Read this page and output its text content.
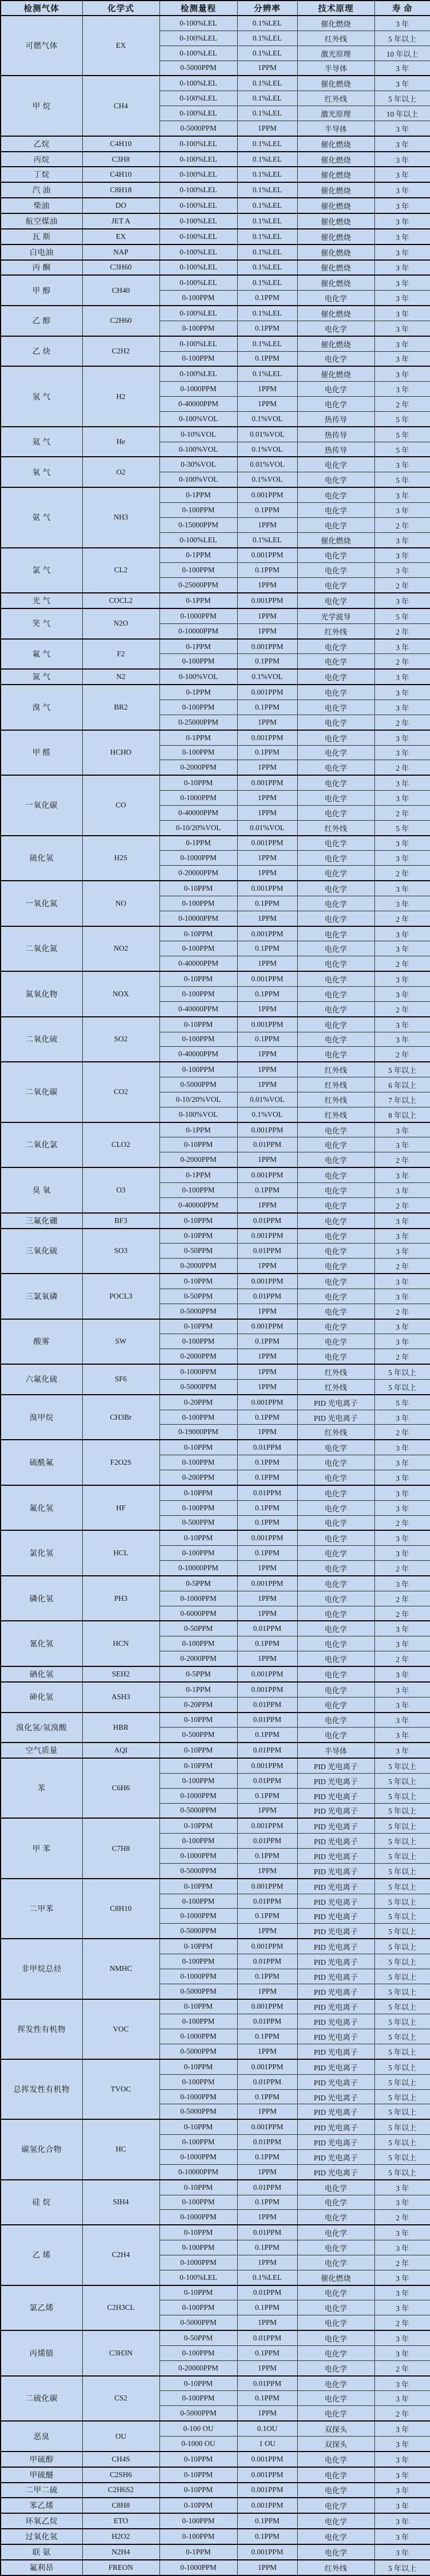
检测气体	化学式	检测量程	分辨率	技术原理	寿 命
可燃气体	EX	0-100%LEL	0.1%LEL	催化燃烧	3 年
		0-100%LEL	0.1%LEL	红外线	5 年以上
		0-100%LEL	0.1%LEL	激光原理	10 年以上
		0-5000PPM	1PPM	半导体	3 年
甲 烷	CH4	0-100%LEL	0.1%LEL	催化燃烧	3 年
		0-100%LEL	0.1%LEL	红外线	5 年以上
		0-100%LEL	0.1%LEL	激光原理	10 年以上
		0-5000PPM	1PPM	半导体	3 年
乙烷	C4H10	0-100%LEL	0.1%LEL	催化燃烧	3 年
丙烷	C3H8	0-100%LEL	0.1%LEL	催化燃烧	3 年
丁烷	C4H10	0-100%LEL	0.1%LEL	催化燃烧	3 年
汽 油	C8H18	0-100%LEL	0.1%LEL	催化燃烧	3 年
柴油	DO	0-100%LEL	0.1%LEL	催化燃烧	3 年
航空煤油	JET A	0-100%LEL	0.1%LEL	催化燃烧	3 年
瓦 斯	EX	0-100%LEL	0.1%LEL	催化燃烧	3 年
白电油	NAP	0-100%LEL	0.1%LEL	催化燃烧	3 年
丙 酮	C3H60	0-100%LEL	0.1%LEL	催化燃烧	3 年
甲 醇	CH40	0-100%LEL	0.1%LEL	催化燃烧	3 年
		0-100PPM	0.1PPM	电化学	3 年
乙 醇	C2H60	0-100%LEL	0.1%LEL	催化燃烧	3 年
		0-100PPM	0.1PPM	电化学	3 年
乙 炔	C2H2	0-100%LEL	0.1%LEL	催化燃烧	3 年
		0-100PPM	0.1PPM	电化学	3 年
氢 气	H2	0-100%LEL	0.1%LEL	催化燃烧	3 年
		0-1000PPM	1PPM	电化学	3 年
		0-40000PPM	1PPM	电化学	2 年
		0-100%VOL	0.1%VOL	热传导	5 年
氦 气	He	0-10%VOL	0.01%VOL	热传导	5 年
		0-100%VOL	0.1%VOL	热传导	5 年
氧 气	O2	0-30%VOL	0.01%VOL	电化学	3 年
		0-100%VOL	0.1%VOL	电化学	5 年
氨 气	NH3	0-1PPM	0.001PPM	电化学	3 年
		0-100PPM	0.1PPM	电化学	3 年
		0-15000PPM	1PPM	电化学	2 年
		0-100%LEL	0.1%LEL	催化燃烧	3 年
氯 气	CL2	0-1PPM	0.001PPM	电化学	3 年
		0-100PPM	0.1PPM	电化学	3 年
		0-25000PPM	1PPM	电化学	2 年
光 气	COCL2	0-1PPM	0.001PPM	电化学	3 年
笑 气	N2O	0-1000PPM	1PPM	光学波导	5 年
		0-10000PPM	1PPM	红外线	2 年
氟 气	F2	0-1PPM	0.001PPM	电化学	3 年
		0-100PPM	0.1PPM	电化学	2 年
氮 气	N2	0-100%VOL	0.1%VOL	电化学	3 年
溴 气	BR2	0-1PPM	0.001PPM	电化学	3 年
		0-100PPM	0.1PPM	电化学	3 年
		0-25000PPM	1PPM	电化学	2 年
甲 醛	HCHO	0-1PPM	0.001PPM	电化学	3 年
		0-100PPM	0.1PPM	电化学	3 年
		0-2000PPM	1PPM	电化学	2 年
一氧化碳	CO	0-10PPM	0.001PPM	电化学	3 年
		0-1000PPM	1PPM	电化学	3 年
		0-40000PPM	1PPM	电化学	2 年
		0-10/20%VOL	0.01%VOL	红外线	5 年
硫化氢	H2S	0-1PPM	0.001PPM	电化学	3 年
		0-1000PPM	1PPM	电化学	3 年
		0-20000PPM	1PPM	电化学	2 年
一氧化氮	NO	0-10PPM	0.001PPM	电化学	3 年
		0-100PPM	0.1PPM	电化学	3 年
		0-10000PPM	1PPM	电化学	2 年
二氧化氮	NO2	0-10PPM	0.001PPM	电化学	3 年
		0-100PPM	0.1PPM	电化学	3 年
		0-40000PPM	1PPM	电化学	2 年
氮氧化物	NOX	0-10PPM	0.001PPM	电化学	3 年
		0-100PPM	0.1PPM	电化学	3 年
		0-40000PPM	1PPM	电化学	2 年
二氧化硫	SO2	0-10PPM	0.001PPM	电化学	3 年
		0-100PPM	0.1PPM	电化学	3 年
		0-40000PPM	1PPM	电化学	2 年
二氧化碳	CO2	0-100PPM	1PPM	红外线	5 年以上
		0-5000PPM	1PPM	红外线	6 年以上
		0-10/20%VOL	0.01%VOL	红外线	7 年以上
		0-100%VOL	0.1%VOL	红外线	8 年以上
二氧化氯	CLO2	0-1PPM	0.001PPM	电化学	3 年
		0-10PPM	0.01PPM	电化学	3 年
		0-2000PPM	1PPM	电化学	2 年
臭 氧	O3	0-1PPM	0.001PPM	电化学	3 年
		0-100PPM	0.1PPM	电化学	3 年
		0-40000PPM	1PPM	电化学	2 年
三氟化硼	BF3	0-10PPM	0.01PPM	电化学	3 年
三氧化硫	SO3	0-10PPM	0.001PPM	电化学	3 年
		0-50PPM	0.01PPM	电化学	3 年
		0-2000PPM	1PPM	电化学	2 年
三氯氧磷	POCL3	0-10PPM	0.001PPM	电化学	3 年
		0-50PPM	0.01PPM	电化学	3 年
		0-5000PPM	1PPM	电化学	2 年
酸雾	SW	0-10PPM	0.001PPM	电化学	3 年
		0-100PPM	0.1PPM	电化学	3 年
		0-2000PPM	1PPM	电化学	2 年
六氟化硫	SF6	0-1000PPM	1PPM	红外线	5 年以上
		0-5000PPM	1PPM	红外线	5 年以上
溴甲烷	CH3Br	0-20PPM	0.001PPM	PID 光电离子	5 年
		0-100PPM	0.1PPM	PID 光电离子	3 年
		0-19000PPM	1PPM	红外线	2 年
硫酰氟	F2O2S	0-10PPM	0.01PPM	电化学	3 年
		0-100PPM	0.1PPM	电化学	3 年
		0-200PPM	0.1PPM	电化学	3 年
氟化氢	HF	0-10PPM	0.01PPM	电化学	3 年
		0-100PPM	0.1PPM	电化学	3 年
		0-500PPM	0.1PPM	电化学	2 年
氯化氢	HCL	0-10PPM	0.001PPM	电化学	3 年
		0-100PPM	0.1PPM	电化学	3 年
		0-10000PPM	1PPM	电化学	2 年
磷化氢	PH3	0-5PPM	0.001PPM	电化学	3 年
		0-1000PPM	1PPM	电化学	2 年
		0-6000PPM	1PPM	电化学	2 年
氰化氢	HCN	0-50PPM	0.01PPM	电化学	3 年
		0-100PPM	0.1PPM	电化学	3 年
		0-2000PPM	1PPM	电化学	2 年
硒化氢	SEH2	0-5PPM	0.001PPM	电化学	3 年
砷化氢	ASH3	0-1PPM	0.001PPM	电化学	3 年
		0-20PPM	0.01PPM	电化学	3 年
溴化氢/氢溴酸	HBR	0-10PPM	0.01PPM	电化学	3 年
		0-500PPM	0.1PPM	电化学	3 年
空气质量	AQI	0-10PPM	0.01PPM	半导体	3 年
苯	C6H6	0-10PPM	0.001PPM	PID 光电离子	5 年以上
		0-100PPM	0.01PPM	PID 光电离子	5 年以上
		0-1000PPM	0.1PPM	PID 光电离子	5 年以上
		0-5000PPM	1PPM	PID 光电离子	5 年以上
甲 苯	C7H8	0-10PPM	0.001PPM	PID 光电离子	5 年以上
		0-100PPM	0.01PPM	PID 光电离子	5 年以上
		0-1000PPM	0.1PPM	PID 光电离子	5 年以上
		0-5000PPM	1PPM	PID 光电离子	5 年以上
二甲苯	C8H10	0-10PPM	0.001PPM	PID 光电离子	5 年以上
		0-100PPM	0.01PPM	PID 光电离子	5 年以上
		0-1000PPM	0.1PPM	PID 光电离子	5 年以上
		0-5000PPM	1PPM	PID 光电离子	5 年以上
非甲烷总烃	NMHC	0-10PPM	0.001PPM	PID 光电离子	5 年以上
		0-100PPM	0.01PPM	PID 光电离子	5 年以上
		0-1000PPM	0.1PPM	PID 光电离子	5 年以上
		0-5000PPM	1PPM	PID 光电离子	5 年以上
挥发性有机物	VOC	0-10PPM	0.001PPM	PID 光电离子	5 年以上
		0-100PPM	0.01PPM	PID 光电离子	5 年以上
		0-1000PPM	0.1PPM	PID 光电离子	5 年以上
		0-5000PPM	1PPM	PID 光电离子	5 年以上
总挥发性有机物	TVOC	0-10PPM	0.001PPM	PID 光电离子	5 年以上
		0-100PPM	0.01PPM	PID 光电离子	5 年以上
		0-1000PPM	0.1PPM	PID 光电离子	5 年以上
		0-5000PPM	1PPM	PID 光电离子	5 年以上
碳氢化合物	HC	0-10PPM	0.001PPM	PID 光电离子	5 年以上
		0-100PPM	0.01PPM	PID 光电离子	5 年以上
		0-1000PPM	0.1PPM	PID 光电离子	5 年以上
		0-10000PPM	1PPM	PID 光电离子	5 年以上
硅 烷	SIH4	0-10PPM	0.01PPM	电化学	3 年
		0-100PPM	0.1PPM	电化学	3 年
		0-1000PPM	1PPM	电化学	2 年
乙 烯	C2H4	0-10PPM	0.01PPM	电化学	3 年
		0-100PPM	0.1PPM	电化学	3 年
		0-1000PPM	1PPM	电化学	2 年
		0-100%LEL	0.1%LEL	催化燃烧	3 年
氯乙烯	C2H3CL	0-10PPM	0.01PPM	电化学	3 年
		0-100PPM	0.1PPM	电化学	3 年
		0-5000PPM	1PPM	电化学	2 年
丙烯腈	C3H3N	0-50PPM	0.01PPM	电化学	3 年
		0-100PPM	0.1PPM	电化学	3 年
		0-20000PPM	1PPM	电化学	2 年
二硫化碳	CS2	0-10PPM	0.01PPM	电化学	3 年
		0-100PPM	0.1PPM	电化学	3 年
		0-5000PPM	1PPM	电化学	2 年
恶臭	OU	0-100 OU	0.1OU	双探头	3 年
		0-1000 OU	1 OU	双探头	3 年
甲硫醇	CH4S	0-10PPM	0.001PPM	电化学	3 年
甲硫醚	C2SH6	0-10PPM	0.001PPM	电化学	3 年
二甲二硫	C2H6S2	0-10PPM	0.001PPM	电化学	3 年
苯乙烯	C8H8	0-10PPM	0.001PPM	电化学	3 年
环氧乙烷	ETO	0-100PPM	0.1PPM	电化学	3 年
过氧化氢	H2O2	0-100PPM	0.1PPM	电化学	3 年
联 氨	N2H4	0-1PPM	0.001PPM	电化学	3 年
氟利昂	FREON	0-1000PPM	1PPM	红外线	5 年以上
